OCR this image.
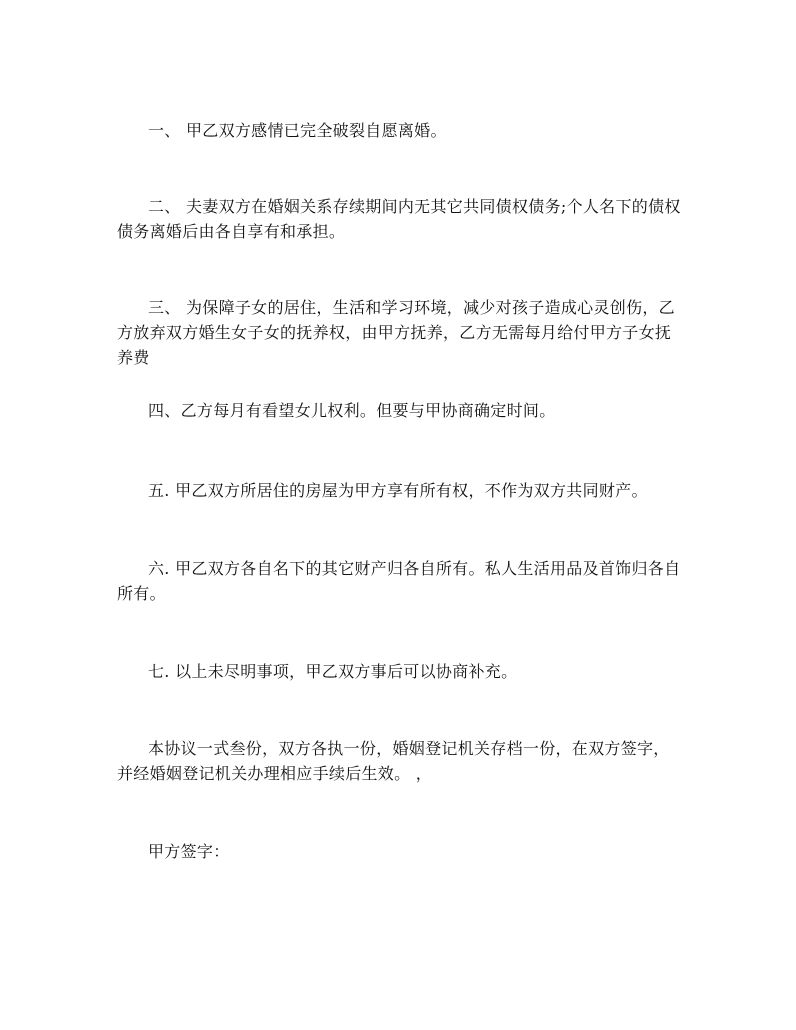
一、 甲乙双方感情已完全破裂自愿离婚。

二、 夫妻双方在婚姻关系存续期间内无其它共同债权债务;个人名下的债权债务离婚后由各自享有和承担。

三、 为保障子女的居住，生活和学习环境，减少对孩子造成心灵创伤，乙方放弃双方婚生女子女的抚养权，由甲方抚养，乙方无需每月给付甲方子女抚养费

四、乙方每月有看望女儿权利。但要与甲协商确定时间。

五. 甲乙双方所居住的房屋为甲方享有所有权，不作为双方共同财产。

六. 甲乙双方各自名下的其它财产归各自所有。私人生活用品及首饰归各自所有。

七. 以上未尽明事项，甲乙双方事后可以协商补充。

本协议一式叁份，双方各执一份，婚姻登记机关存档一份，在双方签字，并经婚姻登记机关办理相应手续后生效。 ，

甲方签字：
